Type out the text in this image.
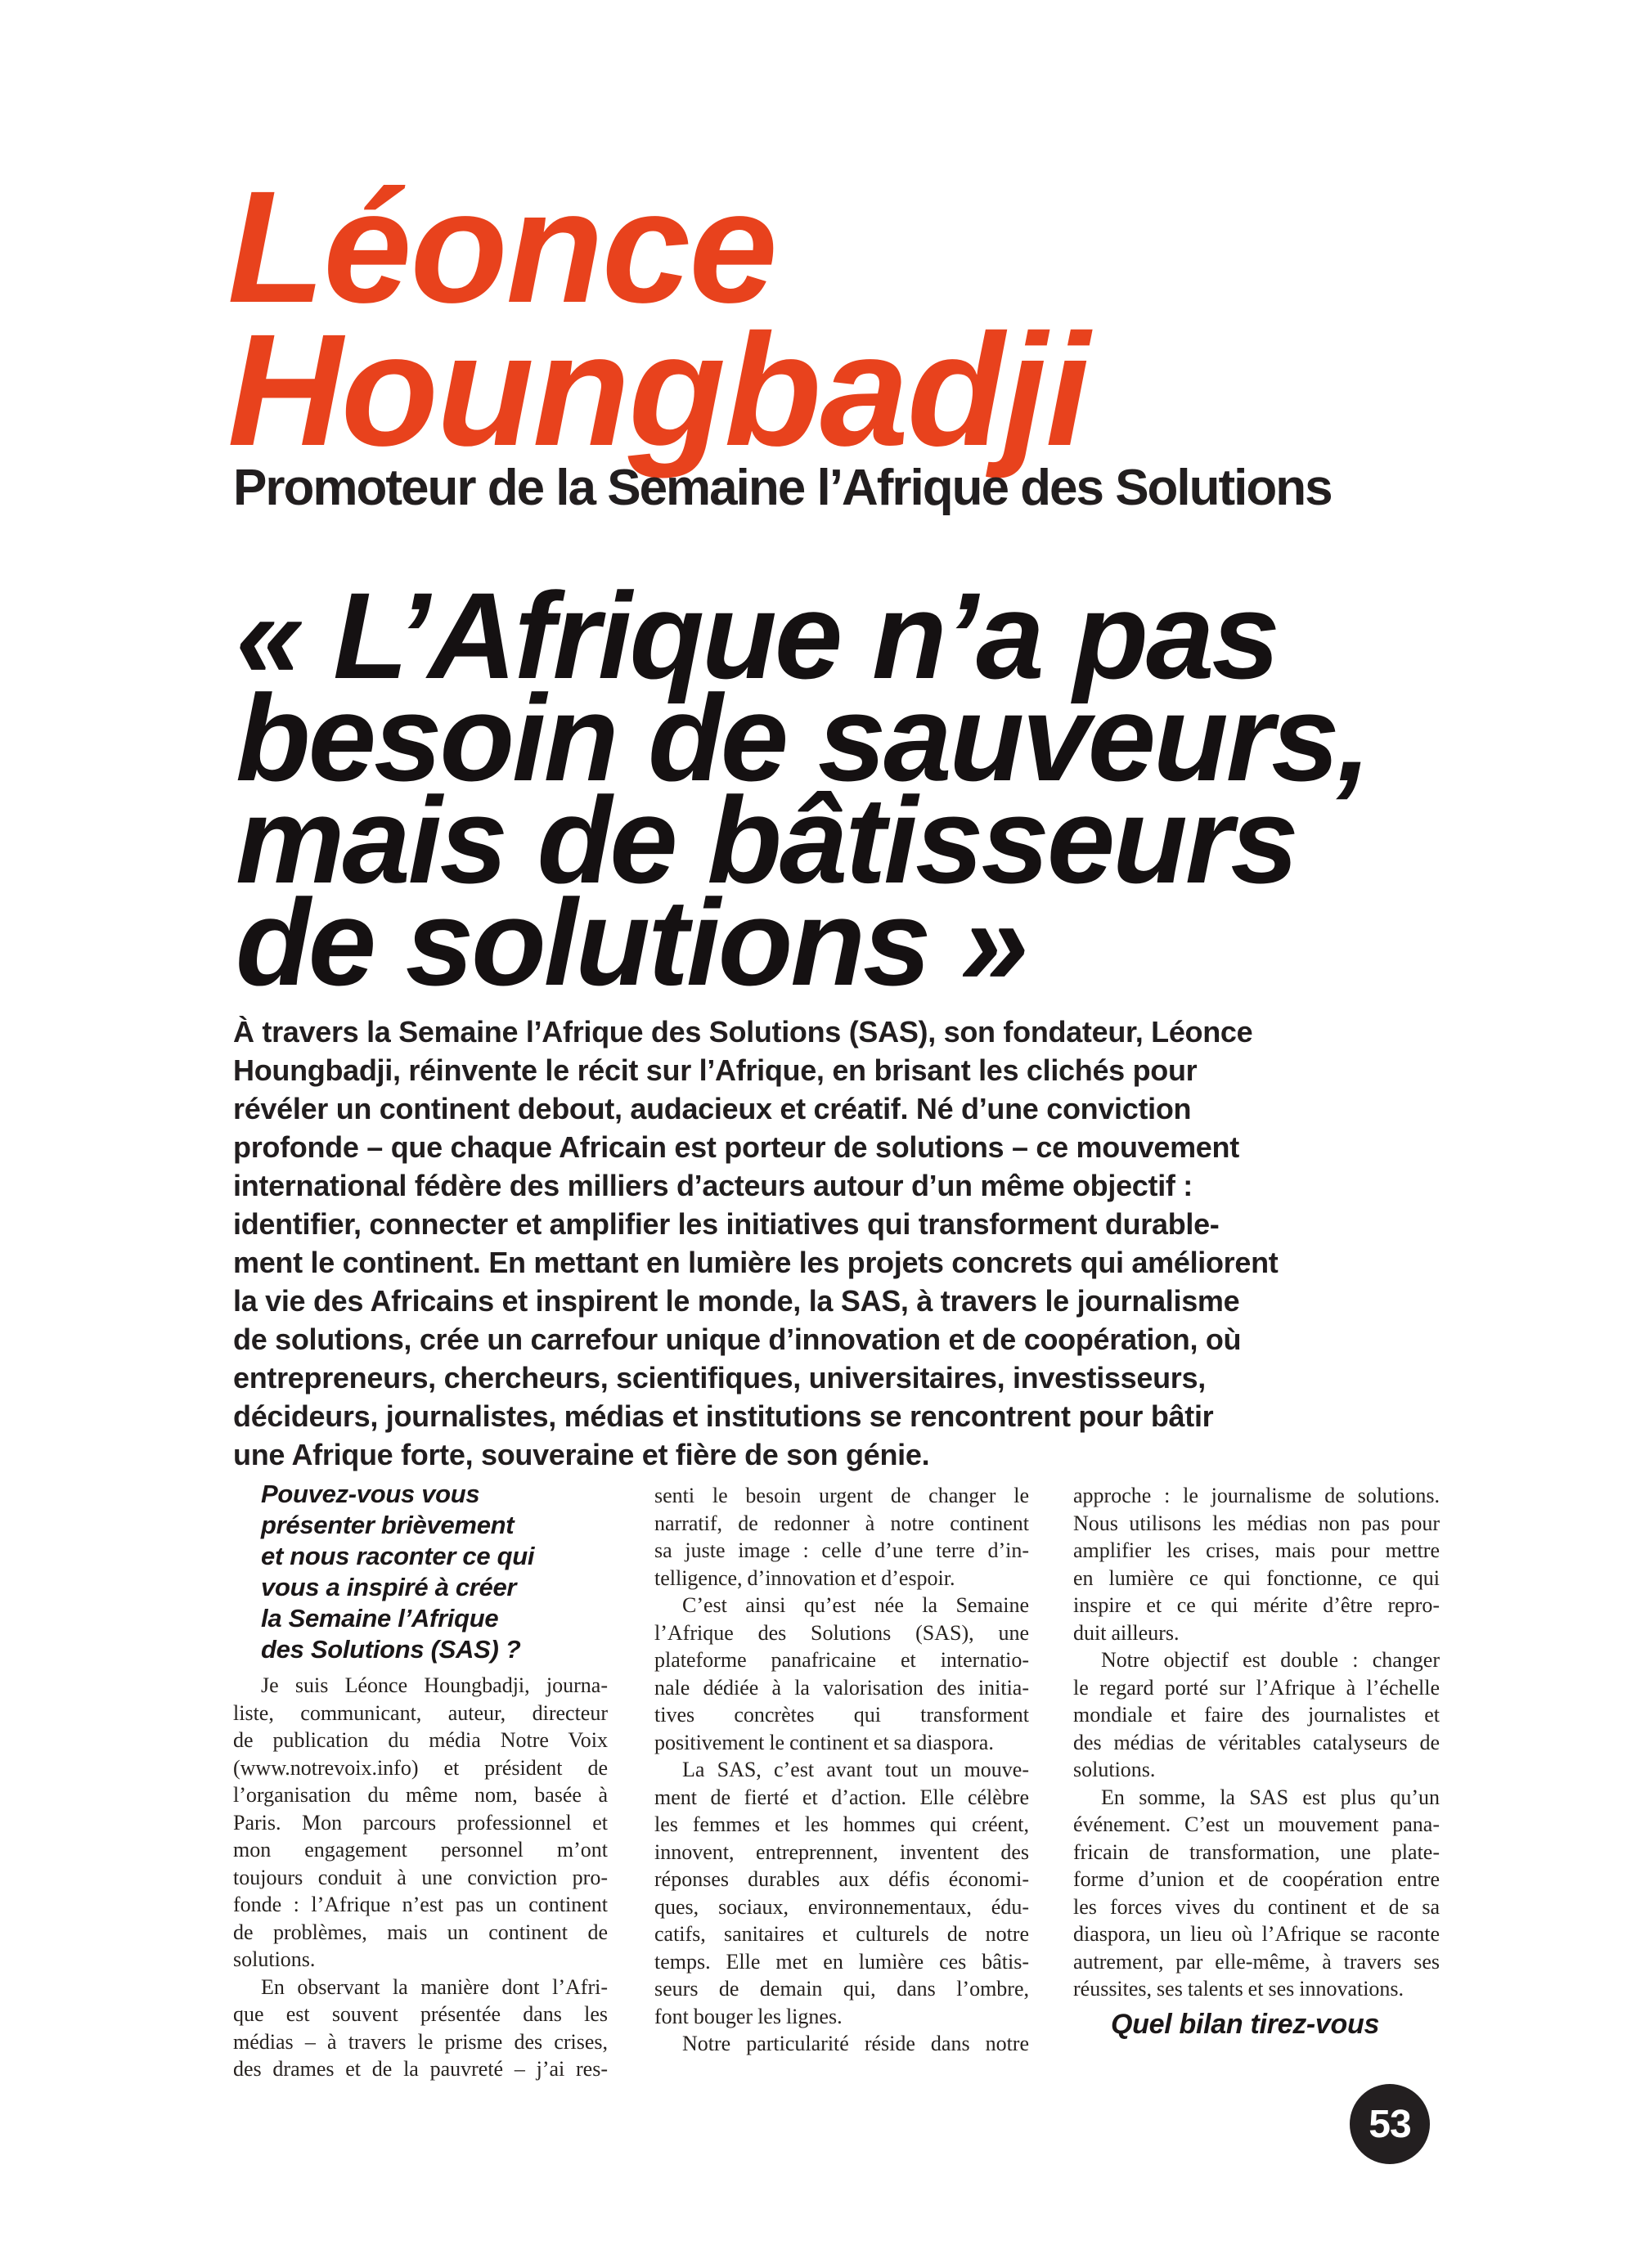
Léonce
Houngbadji
Promoteur de la Semaine l’Afrique des Solutions
« L’Afrique n’a pas
besoin de sauveurs,
mais de bâtisseurs
de solutions »
À travers la Semaine l’Afrique des Solutions (SAS), son fondateur, Léonce
Houngbadji, réinvente le récit sur l’Afrique, en brisant les clichés pour
révéler un continent debout, audacieux et créatif. Né d’une conviction
profonde – que chaque Africain est porteur de solutions – ce mouvement
international fédère des milliers d’acteurs autour d’un même objectif :
identifier, connecter et amplifier les initiatives qui transforment durable-
ment le continent. En mettant en lumière les projets concrets qui améliorent
la vie des Africains et inspirent le monde, la SAS, à travers le journalisme
de solutions, crée un carrefour unique d’innovation et de coopération, où
entrepreneurs, chercheurs, scientifiques, universitaires, investisseurs,
décideurs, journalistes, médias et institutions se rencontrent pour bâtir
une Afrique forte, souveraine et fière de son génie.
Pouvez-vous vous
présenter brièvement
et nous raconter ce qui
vous a inspiré à créer
la Semaine l’Afrique
des Solutions (SAS) ?
Je suis Léonce Houngbadji, journa-
liste, communicant, auteur, directeur
de publication du média Notre Voix
(www.notrevoix.info) et président de
l’organisation du même nom, basée à
Paris. Mon parcours professionnel et
mon engagement personnel m’ont
toujours conduit à une conviction pro-
fonde : l’Afrique n’est pas un continent
de problèmes, mais un continent de
solutions.
En observant la manière dont l’Afri-
que est souvent présentée dans les
médias – à travers le prisme des crises,
des drames et de la pauvreté – j’ai res-
senti le besoin urgent de changer le
narratif, de redonner à notre continent
sa juste image : celle d’une terre d’in-
telligence, d’innovation et d’espoir.
C’est ainsi qu’est née la Semaine
l’Afrique des Solutions (SAS), une
plateforme panafricaine et internatio-
nale dédiée à la valorisation des initia-
tives concrètes qui transforment
positivement le continent et sa diaspora.
La SAS, c’est avant tout un mouve-
ment de fierté et d’action. Elle célèbre
les femmes et les hommes qui créent,
innovent, entreprennent, inventent des
réponses durables aux défis économi-
ques, sociaux, environnementaux, édu-
catifs, sanitaires et culturels de notre
temps. Elle met en lumière ces bâtis-
seurs de demain qui, dans l’ombre,
font bouger les lignes.
Notre particularité réside dans notre
approche : le journalisme de solutions.
Nous utilisons les médias non pas pour
amplifier les crises, mais pour mettre
en lumière ce qui fonctionne, ce qui
inspire et ce qui mérite d’être repro-
duit ailleurs.
Notre objectif est double : changer
le regard porté sur l’Afrique à l’échelle
mondiale et faire des journalistes et
des médias de véritables catalyseurs de
solutions.
En somme, la SAS est plus qu’un
événement. C’est un mouvement pana-
fricain de transformation, une plate-
forme d’union et de coopération entre
les forces vives du continent et de sa
diaspora, un lieu où l’Afrique se raconte
autrement, par elle-même, à travers ses
réussites, ses talents et ses innovations.
Quel bilan tirez-vous
53
